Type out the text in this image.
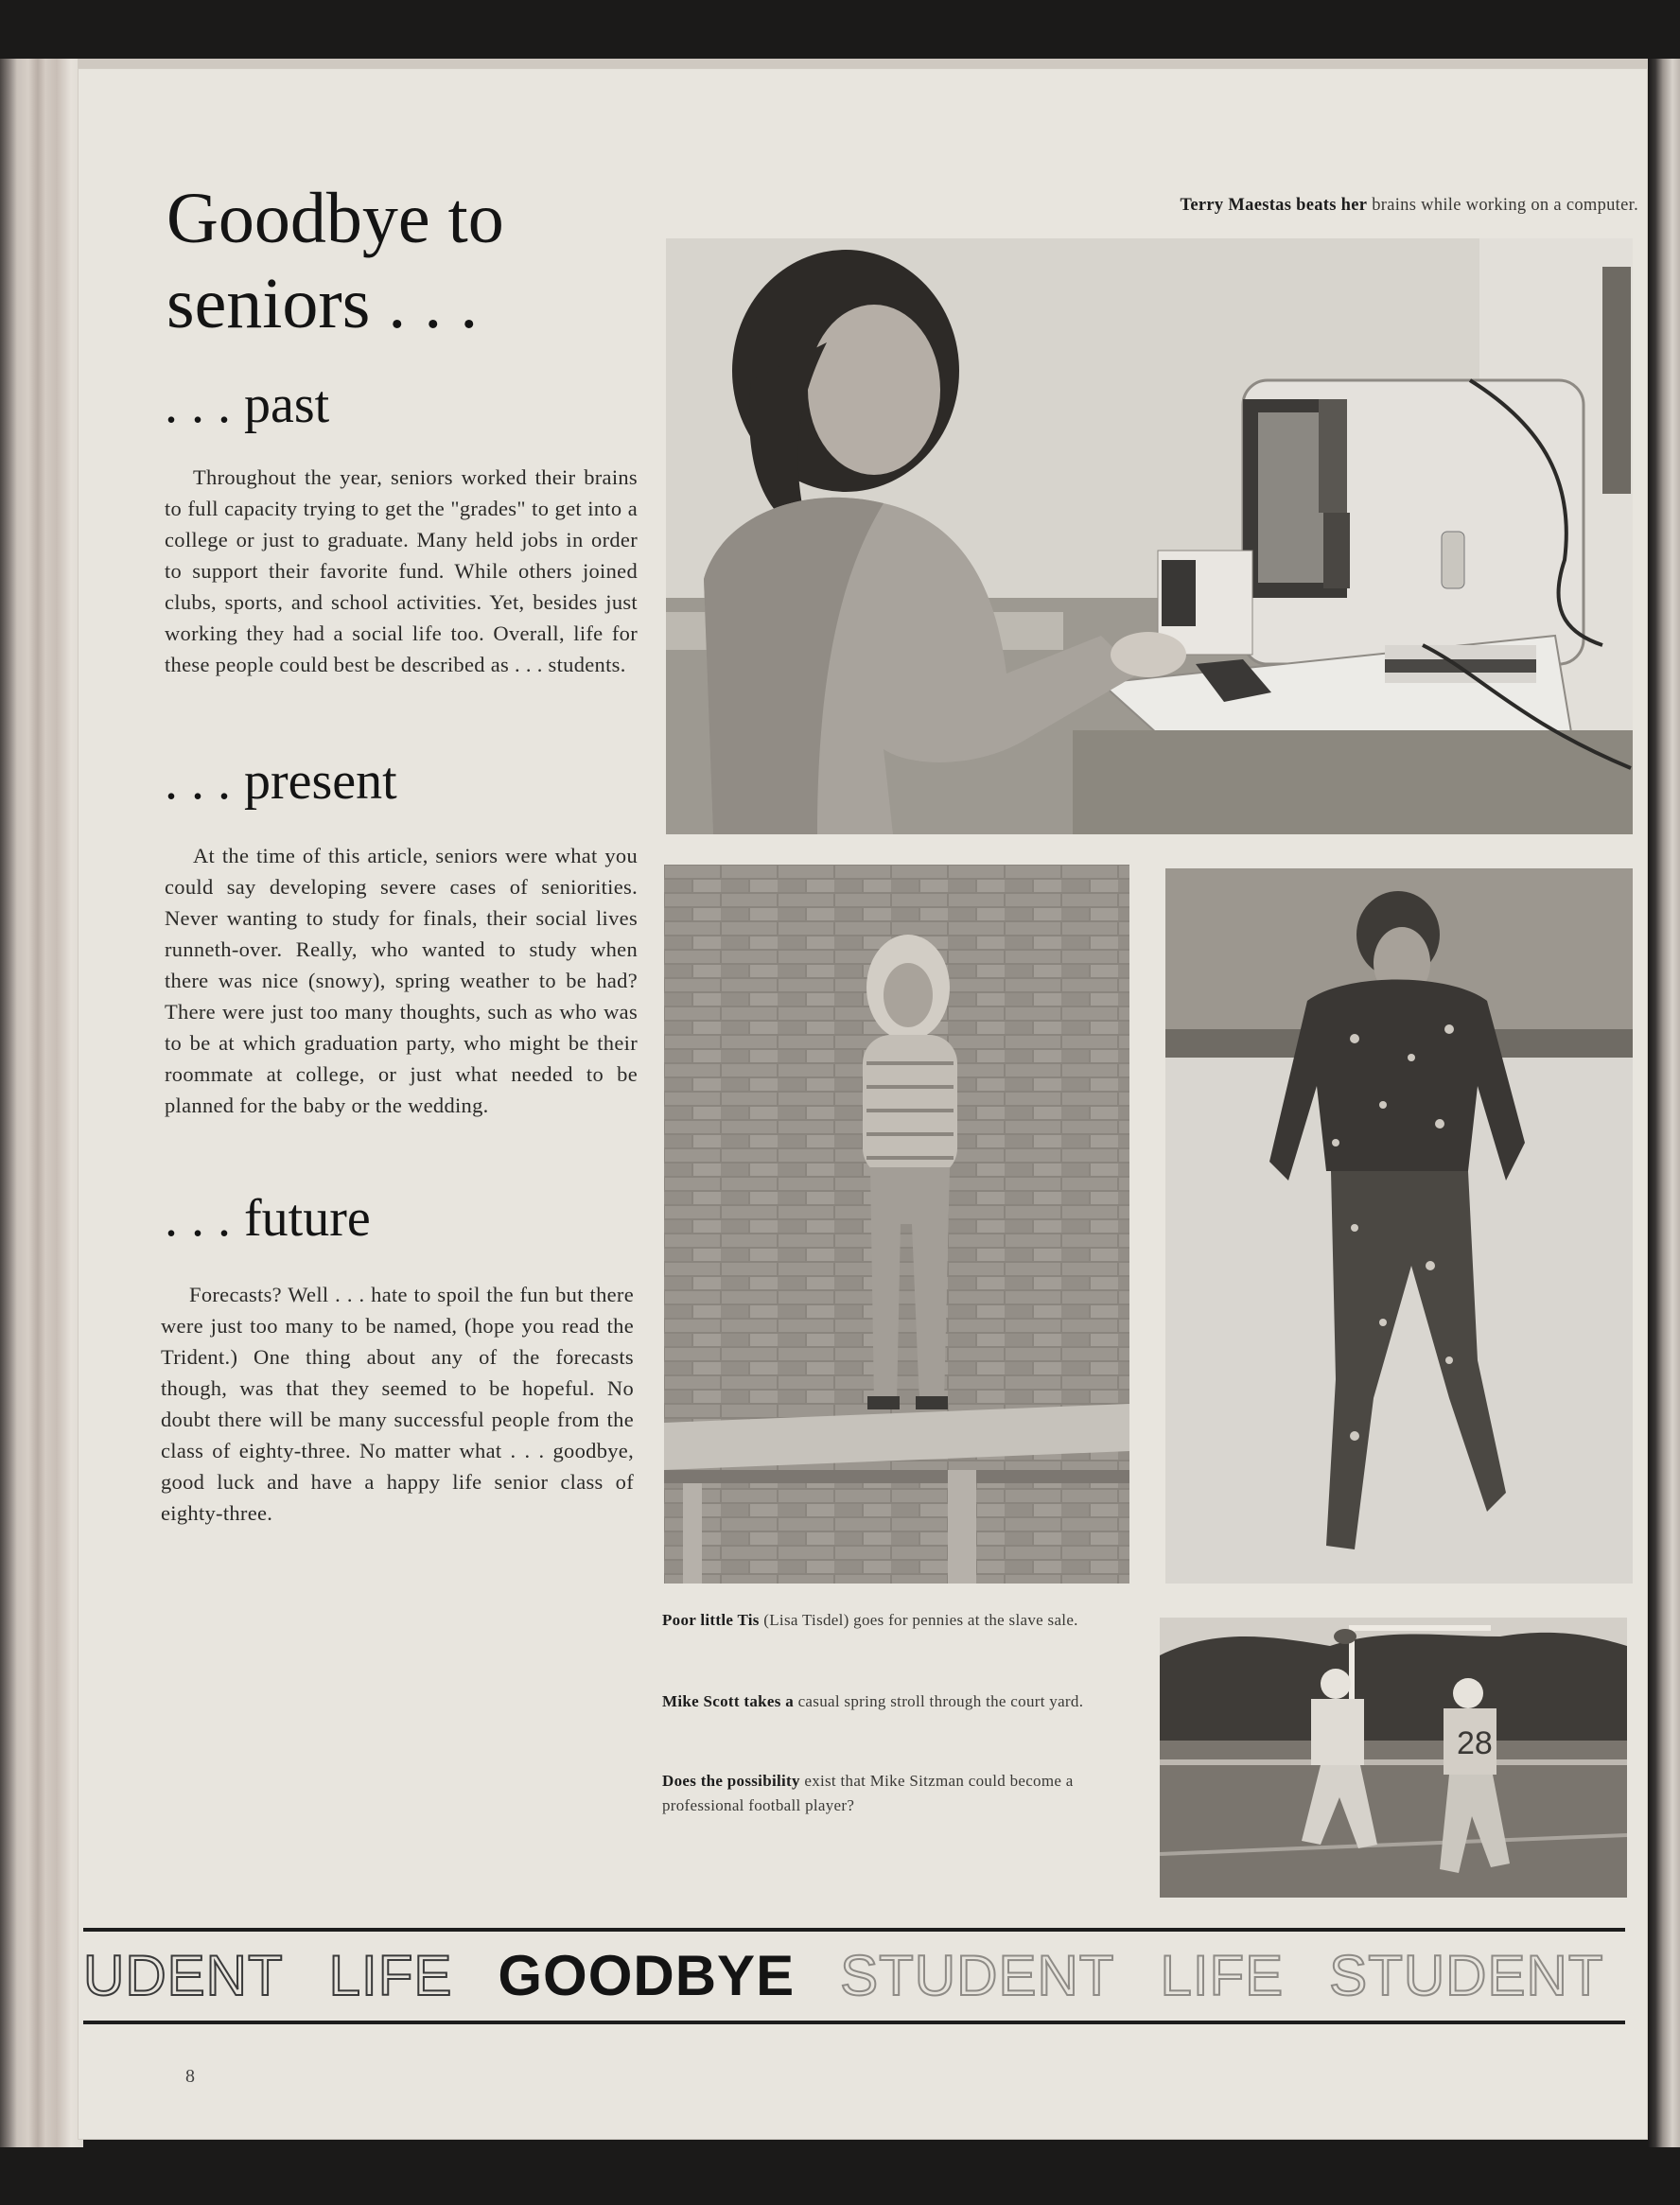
Goodbye to seniors . . .
. . . past

Throughout the year, seniors worked their brains to full capacity trying to get the "grades" to get into a college or just to graduate. Many held jobs in order to support their favorite fund. While others joined clubs, sports, and school activities. Yet, besides just working they had a social life too. Overall, life for these people could best be described as . . . students.

. . . present

At the time of this article, seniors were what you could say developing severe cases of seniorities. Never wanting to study for finals, their social lives runneth-over. Really, who wanted to study when there was nice (snowy), spring weather to be had? There were just too many thoughts, such as who was to be at which graduation party, who might be their roommate at college, or just what needed to be planned for the baby or the wedding.

. . . future

Forecasts? Well . . . hate to spoil the fun but there were just too many to be named, (hope you read the Trident.) One thing about any of the forecasts though, was that they seemed to be hopeful. No doubt there will be many successful people from the class of eighty-three. No matter what . . . goodbye, good luck and have a happy life senior class of eighty-three.

Terry Maestas beats her brains while working on a computer.

28

Poor little Tis (Lisa Tisdel) goes for pennies at the slave sale.

Mike Scott takes a casual spring stroll through the court yard.

Does the possibility exist that Mike Sitzman could become a professional football player?

UDENT LIFE GOODBYE STUDENT LIFE STUDENT
8
